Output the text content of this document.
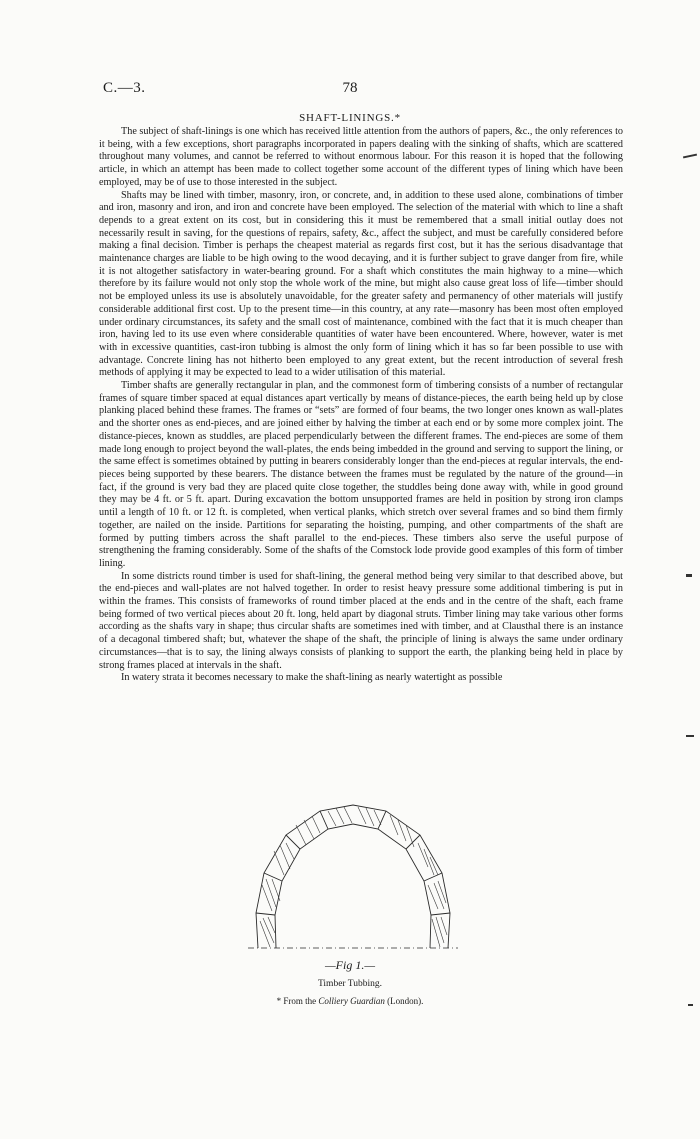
C.—3.	78
SHAFT-LININGS.*

The subject of shaft-linings is one which has received little attention from the authors of papers, &c., the only references to it being, with a few exceptions, short paragraphs incorporated in papers dealing with the sinking of shafts, which are scattered throughout many volumes, and cannot be referred to without enormous labour. For this reason it is hoped that the following article, in which an attempt has been made to collect together some account of the different types of lining which have been employed, may be of use to those interested in the subject.

Shafts may be lined with timber, masonry, iron, or concrete, and, in addition to these used alone, combinations of timber and iron, masonry and iron, and iron and concrete have been employed. The selection of the material with which to line a shaft depends to a great extent on its cost, but in considering this it must be remembered that a small initial outlay does not necessarily result in saving, for the questions of repairs, safety, &c., affect the subject, and must be carefully considered before making a final decision. Timber is perhaps the cheapest material as regards first cost, but it has the serious disadvantage that maintenance charges are liable to be high owing to the wood decaying, and it is further subject to grave danger from fire, while it is not altogether satisfactory in water-bearing ground. For a shaft which constitutes the main highway to a mine—which therefore by its failure would not only stop the whole work of the mine, but might also cause great loss of life—timber should not be employed unless its use is absolutely unavoidable, for the greater safety and permanency of other materials will justify considerable additional first cost. Up to the present time—in this country, at any rate—masonry has been most often employed under ordinary circumstances, its safety and the small cost of maintenance, combined with the fact that it is much cheaper than iron, having led to its use even where considerable quantities of water have been encountered. Where, however, water is met with in excessive quantities, cast-iron tubbing is almost the only form of lining which it has so far been possible to use with advantage. Concrete lining has not hitherto been employed to any great extent, but the recent introduction of several fresh methods of applying it may be expected to lead to a wider utilisation of this material.

Timber shafts are generally rectangular in plan, and the commonest form of timbering consists of a number of rectangular frames of square timber spaced at equal distances apart vertically by means of distance-pieces, the earth being held up by close planking placed behind these frames. The frames or “sets” are formed of four beams, the two longer ones known as wall-plates and the shorter ones as end-pieces, and are joined either by halving the timber at each end or by some more complex joint. The distance-pieces, known as studdles, are placed perpendicularly between the different frames. The end-pieces are some of them made long enough to project beyond the wall-plates, the ends being imbedded in the ground and serving to support the lining, or the same effect is sometimes obtained by putting in bearers considerably longer than the end-pieces at regular intervals, the end-pieces being supported by these bearers. The distance between the frames must be regulated by the nature of the ground—in fact, if the ground is very bad they are placed quite close together, the studdles being done away with, while in good ground they may be 4 ft. or 5 ft. apart. During excavation the bottom unsupported frames are held in position by strong iron clamps until a length of 10 ft. or 12 ft. is completed, when vertical planks, which stretch over several frames and so bind them firmly together, are nailed on the inside. Partitions for separating the hoisting, pumping, and other compartments of the shaft are formed by putting timbers across the shaft parallel to the end-pieces. These timbers also serve the useful purpose of strengthening the framing considerably. Some of the shafts of the Comstock lode provide good examples of this form of timber lining.

In some districts round timber is used for shaft-lining, the general method being very similar to that described above, but the end-pieces and wall-plates are not halved together. In order to resist heavy pressure some additional timbering is put in within the frames. This consists of frameworks of round timber placed at the ends and in the centre of the shaft, each frame being formed of two vertical pieces about 20 ft. long, held apart by diagonal struts. Timber lining may take various other forms according as the shafts vary in shape; thus circular shafts are sometimes ined with timber, and at Clausthal there is an instance of a decagonal timbered shaft; but, whatever the shape of the shaft, the principle of lining is always the same under ordinary circumstances—that is to say, the lining always consists of planking to support the earth, the planking being held in place by strong frames placed at intervals in the shaft.

In watery strata it becomes necessary to make the shaft-lining as nearly watertight as possible

—Fig 1.—
Timber Tubbing.
* From the Colliery Guardian (London).
